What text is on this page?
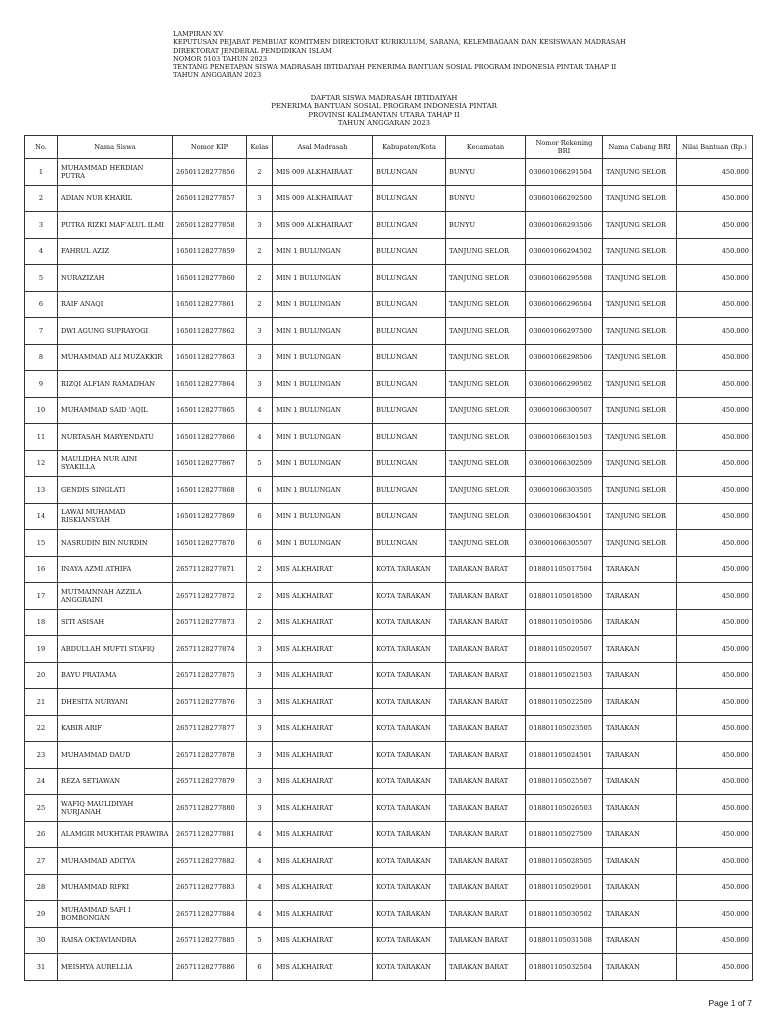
LAMPIRAN XV
KEPUTUSAN PEJABAT PEMBUAT KOMITMEN DIREKTORAT KURIKULUM, SARANA, KELEMBAGAAN DAN KESISWAAN MADRASAH
DIREKTORAT JENDERAL PENDIDIKAN ISLAM
NOMOR 5103 TAHUN 2023
TENTANG PENETAPAN SISWA MADRASAH IBTIDAIYAH PENERIMA BANTUAN SOSIAL PROGRAM INDONESIA PINTAR TAHAP II
TAHUN ANGGARAN 2023
DAFTAR SISWA MADRASAH IBTIDAIYAH
PENERIMA BANTUAN SOSIAL PROGRAM INDONESIA PINTAR
PROVINSI KALIMANTAN UTARA TAHAP II
TAHUN ANGGARAN 2023
No.	Nama Siswa	Nomor KIP	Kelas	Asal Madrasah	Kabupaten/Kota	Kecamatan	Nomor Rekening BRI	Nama Cabang BRI	Nilai Bantuan (Rp.)
1	MUHAMMAD HERDIAN PUTRA	26501128277856	2	MIS 009 ALKHAIRAAT	BULUNGAN	BUNYU	030601066291504	TANJUNG SELOR	450.000
2	ADIAN NUR KHARIL	26501128277857	3	MIS 009 ALKHAIRAAT	BULUNGAN	BUNYU	030601066292500	TANJUNG SELOR	450.000
3	PUTRA RIZKI MAF'ALUL ILMI	26501128277858	3	MIS 009 ALKHAIRAAT	BULUNGAN	BUNYU	030601066293506	TANJUNG SELOR	450.000
4	FAHRUL AZIZ	16501128277859	2	MIN 1 BULUNGAN	BULUNGAN	TANJUNG SELOR	030601066294502	TANJUNG SELOR	450.000
5	NURAZIZAH	16501128277860	2	MIN 1 BULUNGAN	BULUNGAN	TANJUNG SELOR	030601066295508	TANJUNG SELOR	450.000
6	RAIF ANAQI	16501128277861	2	MIN 1 BULUNGAN	BULUNGAN	TANJUNG SELOR	030601066296504	TANJUNG SELOR	450.000
7	DWI AGUNG SUPRAYOGI	16501128277862	3	MIN 1 BULUNGAN	BULUNGAN	TANJUNG SELOR	030601066297500	TANJUNG SELOR	450.000
8	MUHAMMAD ALI MUZAKKIR	16501128277863	3	MIN 1 BULUNGAN	BULUNGAN	TANJUNG SELOR	030601066298506	TANJUNG SELOR	450.000
9	RIZQI ALFIAN RAMADHAN	16501128277864	3	MIN 1 BULUNGAN	BULUNGAN	TANJUNG SELOR	030601066299502	TANJUNG SELOR	450.000
10	MUHAMMAD SAID 'AQIL	16501128277865	4	MIN 1 BULUNGAN	BULUNGAN	TANJUNG SELOR	030601066300507	TANJUNG SELOR	450.000
11	NURTASAH MARYENDATU	16501128277866	4	MIN 1 BULUNGAN	BULUNGAN	TANJUNG SELOR	030601066301503	TANJUNG SELOR	450.000
12	MAULIDHA NUR AINI SYAKILLA	16501128277867	5	MIN 1 BULUNGAN	BULUNGAN	TANJUNG SELOR	030601066302509	TANJUNG SELOR	450.000
13	GENDIS SINGLATI	16501128277868	6	MIN 1 BULUNGAN	BULUNGAN	TANJUNG SELOR	030601066303505	TANJUNG SELOR	450.000
14	LAWAI MUHAMAD RISKIANSYAH	16501128277869	6	MIN 1 BULUNGAN	BULUNGAN	TANJUNG SELOR	030601066304501	TANJUNG SELOR	450.000
15	NASRUDIN BIN NURDIN	16501128277870	6	MIN 1 BULUNGAN	BULUNGAN	TANJUNG SELOR	030601066305507	TANJUNG SELOR	450.000
16	INAYA AZMI ATHIFA	26571128277871	2	MIS ALKHAIRAT	KOTA TARAKAN	TARAKAN BARAT	018801105017504	TARAKAN	450.000
17	MUTMAINNAH AZZILA ANGGRAINI	26571128277872	2	MIS ALKHAIRAT	KOTA TARAKAN	TARAKAN BARAT	018801105018500	TARAKAN	450.000
18	SITI ASISAH	26571128277873	2	MIS ALKHAIRAT	KOTA TARAKAN	TARAKAN BARAT	018801105019506	TARAKAN	450.000
19	ABDULLAH MUFTI STAFIQ	26571128277874	3	MIS ALKHAIRAT	KOTA TARAKAN	TARAKAN BARAT	018801105020507	TARAKAN	450.000
20	BAYU PRATAMA	26571128277875	3	MIS ALKHAIRAT	KOTA TARAKAN	TARAKAN BARAT	018801105021503	TARAKAN	450.000
21	DHESITA NURYANI	26571128277876	3	MIS ALKHAIRAT	KOTA TARAKAN	TARAKAN BARAT	018801105022509	TARAKAN	450.000
22	KABIR ARIF	26571128277877	3	MIS ALKHAIRAT	KOTA TARAKAN	TARAKAN BARAT	018801105023505	TARAKAN	450.000
23	MUHAMMAD DAUD	26571128277878	3	MIS ALKHAIRAT	KOTA TARAKAN	TARAKAN BARAT	018801105024501	TARAKAN	450.000
24	REZA SETIAWAN	26571128277879	3	MIS ALKHAIRAT	KOTA TARAKAN	TARAKAN BARAT	018801105025507	TARAKAN	450.000
25	WAFIQ MAULIDIYAH NURJANAH	26571128277880	3	MIS ALKHAIRAT	KOTA TARAKAN	TARAKAN BARAT	018801105026503	TARAKAN	450.000
26	ALAMGIR MUKHTAR PRAWIRA	26571128277881	4	MIS ALKHAIRAT	KOTA TARAKAN	TARAKAN BARAT	018801105027509	TARAKAN	450.000
27	MUHAMMAD ADITYA	26571128277882	4	MIS ALKHAIRAT	KOTA TARAKAN	TARAKAN BARAT	018801105028505	TARAKAN	450.000
28	MUHAMMAD RIFKI	26571128277883	4	MIS ALKHAIRAT	KOTA TARAKAN	TARAKAN BARAT	018801105029501	TARAKAN	450.000
29	MUHAMMAD SAFI I BOMBONGAN	26571128277884	4	MIS ALKHAIRAT	KOTA TARAKAN	TARAKAN BARAT	018801105030502	TARAKAN	450.000
30	RAISA OKTAVIANDRA	26571128277885	5	MIS ALKHAIRAT	KOTA TARAKAN	TARAKAN BARAT	018801105031508	TARAKAN	450.000
31	MEISHYA AURELLIA	26571128277886	6	MIS ALKHAIRAT	KOTA TARAKAN	TARAKAN BARAT	018801105032504	TARAKAN	450.000
Page 1 of 7
